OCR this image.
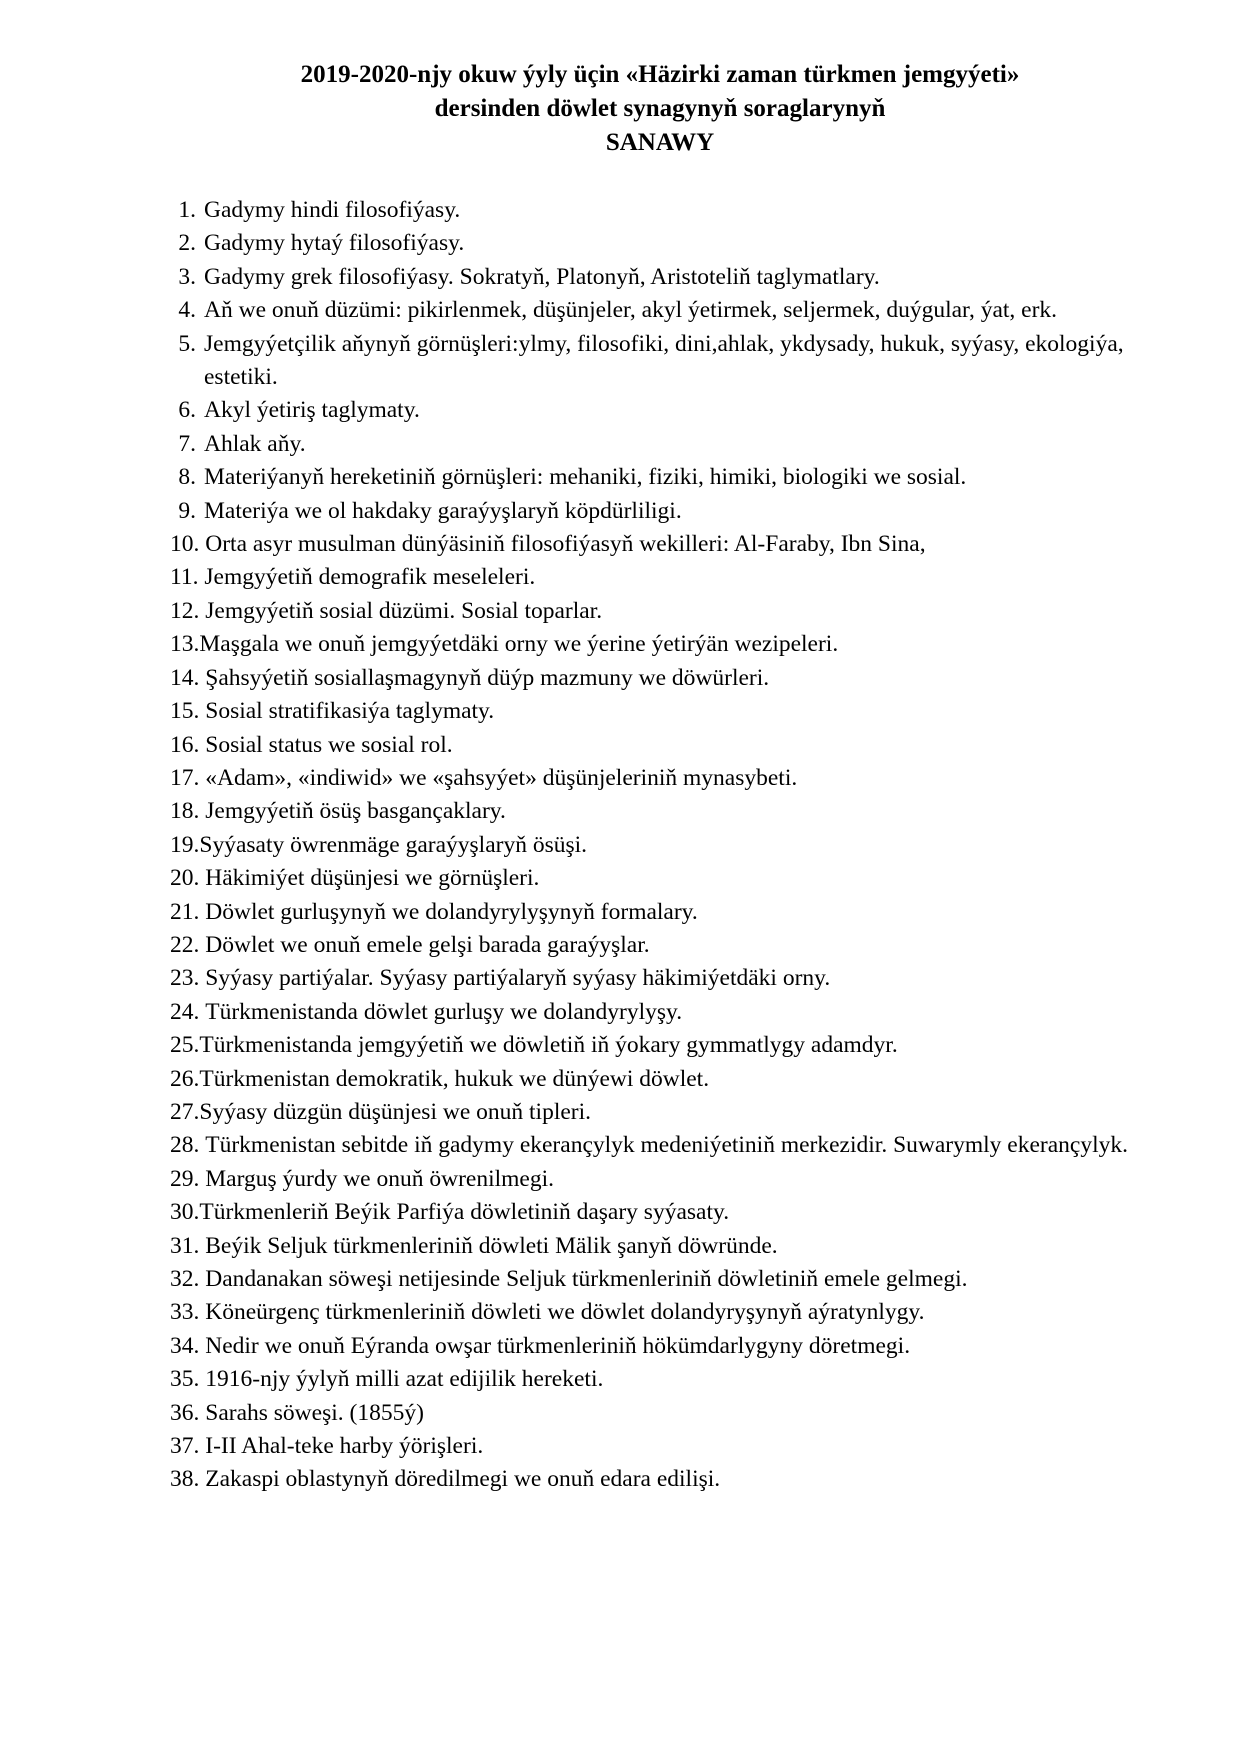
2019-2020-njy okuw ýyly üçin «Häzirki zaman türkmen jemgyýeti»
dersinden döwlet synagynyň soraglarynyň
SANAWY
1. Gadymy hindi filosofiýasy.
2. Gadymy hytaý filosofiýasy.
3. Gadymy grek filosofiýasy. Sokratyň, Platonyň, Aristoteliň taglymatlary.
4. Aň we onuň düzümi: pikirlenmek, düşünjeler, akyl ýetirmek, seljermek, duýgular, ýat, erk.
5. Jemgyýetçilik aňynyň görnüşleri:ylmy, filosofiki, dini,ahlak, ykdysady, hukuk, syýasy, ekologiýa, estetiki.
6. Akyl ýetiriş taglymaty.
7. Ahlak aňy.
8. Materiýanyň hereketiniň görnüşleri: mehaniki, fiziki, himiki, biologiki we sosial.
9. Materiýa we ol hakdaky garaýyşlaryň köpdürliligi.
10. Orta asyr musulman dünýäsiniň filosofiýasyň wekilleri: Al-Faraby, Ibn Sina,
11. Jemgyýetiň demografik meseleleri.
12. Jemgyýetiň sosial düzümi. Sosial toparlar.
13. Maşgala we onuň jemgyýetdäki orny we ýerine ýetirýän wezipeleri.
14. Şahsyýetiň sosiallaşmagynyň düýp mazmuny we döwürleri.
15. Sosial stratifikasiýa taglymaty.
16. Sosial status we sosial rol.
17. «Adam», «indiwid» we «şahsyýet» düşünjeleriniň mynasybeti.
18. Jemgyýetiň ösüş basgançaklary.
19. Syýasaty öwrenmäge garaýyşlaryň ösüşi.
20. Häkimiýet düşünjesi we görnüşleri.
21. Döwlet gurluşynyň we dolandyrylyşynyň formalary.
22. Döwlet we onuň emele gelşi barada garaýyşlar.
23. Syýasy partiýalar. Syýasy partiýalaryň syýasy häkimiýetdäki orny.
24. Türkmenistanda döwlet gurluşy we dolandyrylyşy.
25. Türkmenistanda jemgyýetiň we döwletiň iň ýokary gymmatlygy adamdyr.
26. Türkmenistan demokratik, hukuk we dünýewi döwlet.
27. Syýasy düzgün düşünjesi we onuň tipleri.
28. Türkmenistan sebitde iň gadymy ekerançylyk medeniýetiniň merkezidir. Suwarymly ekerançylyk.
29. Marguş ýurdy we onuň öwrenilmegi.
30. Türkmenleriň Beýik Parfiýa döwletiniň daşary syýasaty.
31. Beýik Seljuk türkmenleriniň döwleti Mälik şanyň döwründe.
32. Dandanakan söweşi netijesinde Seljuk türkmenleriniň döwletiniň emele gelmegi.
33. Köneürgenç türkmenleriniň döwleti we döwlet dolandyryşynyň aýratynlygy.
34. Nedir we onuň Eýranda owşar türkmenleriniň hökümdarlygyny döretmegi.
35. 1916-njy ýylyň milli azat edijilik hereketi.
36. Sarahs söweşi. (1855ý)
37. I-II Ahal-teke harby ýörişleri.
38. Zakaspi oblastynyň döredilmegi we onuň edara edilişi.
